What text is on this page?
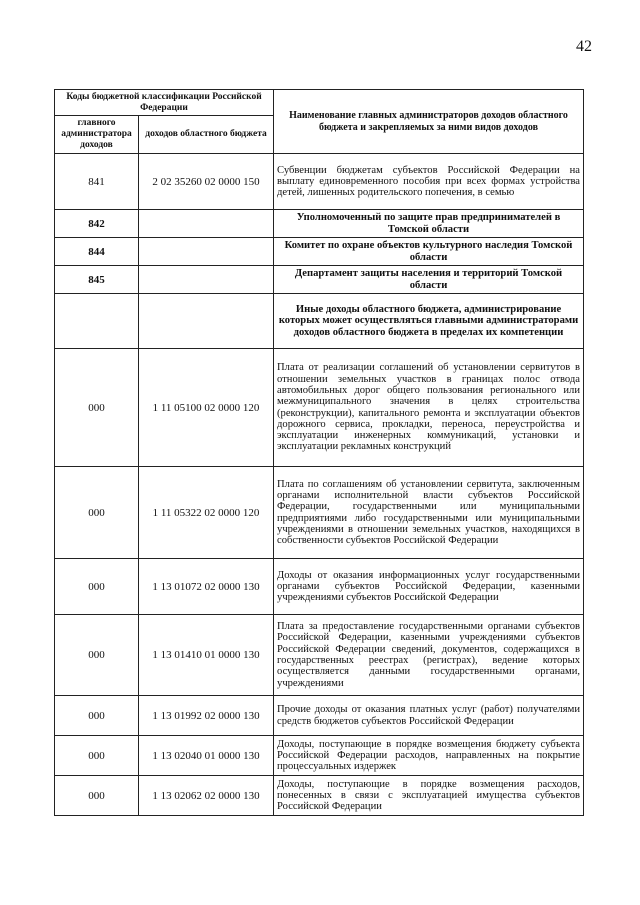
42
Коды бюджетной классификации Российской Федерации		Наименование главных администраторов доходов областного бюджета и закрепляемых за ними видов доходов
главного администратора доходов	доходов областного бюджета	
841	2 02 35260 02 0000 150	Субвенции бюджетам субъектов Российской Федерации на выплату единовременного пособия при всех формах устройства детей, лишенных родительского попечения, в семью
842		Уполномоченный по защите прав предпринимателей в Томской области
844		Комитет по охране объектов культурного наследия Томской области
845		Департамент защиты населения и территорий Томской области
		Иные доходы областного бюджета, администрирование которых может осуществляться главными администраторами доходов областного бюджета в пределах их компетенции
000	1 11 05100 02 0000 120	Плата от реализации соглашений об установлении сервитутов в отношении земельных участков в границах полос отвода автомобильных дорог общего пользования регионального или межмуниципального значения в целях строительства (реконструкции), капитального ремонта и эксплуатации объектов дорожного сервиса, прокладки, переноса, переустройства и эксплуатации инженерных коммуникаций, установки и эксплуатации рекламных конструкций
000	1 11 05322 02 0000 120	Плата по соглашениям об установлении сервитута, заключенным органами исполнительной власти субъектов Российской Федерации, государственными или муниципальными предприятиями либо государственными или муниципальными учреждениями в отношении земельных участков, находящихся в собственности субъектов Российской Федерации
000	1 13 01072 02 0000 130	Доходы от оказания информационных услуг государственными органами субъектов Российской Федерации, казенными учреждениями субъектов Российской Федерации
000	1 13 01410 01 0000 130	Плата за предоставление государственными органами субъектов Российской Федерации, казенными учреждениями субъектов Российской Федерации сведений, документов, содержащихся в государственных реестрах (регистрах), ведение которых осуществляется данными государственными органами, учреждениями
000	1 13 01992 02 0000 130	Прочие доходы от оказания платных услуг (работ) получателями средств бюджетов субъектов Российской Федерации
000	1 13 02040 01 0000 130	Доходы, поступающие в порядке возмещения бюджету субъекта Российской Федерации расходов, направленных на покрытие процессуальных издержек
000	1 13 02062 02 0000 130	Доходы, поступающие в порядке возмещения расходов, понесенных в связи с эксплуатацией имущества субъектов Российской Федерации
